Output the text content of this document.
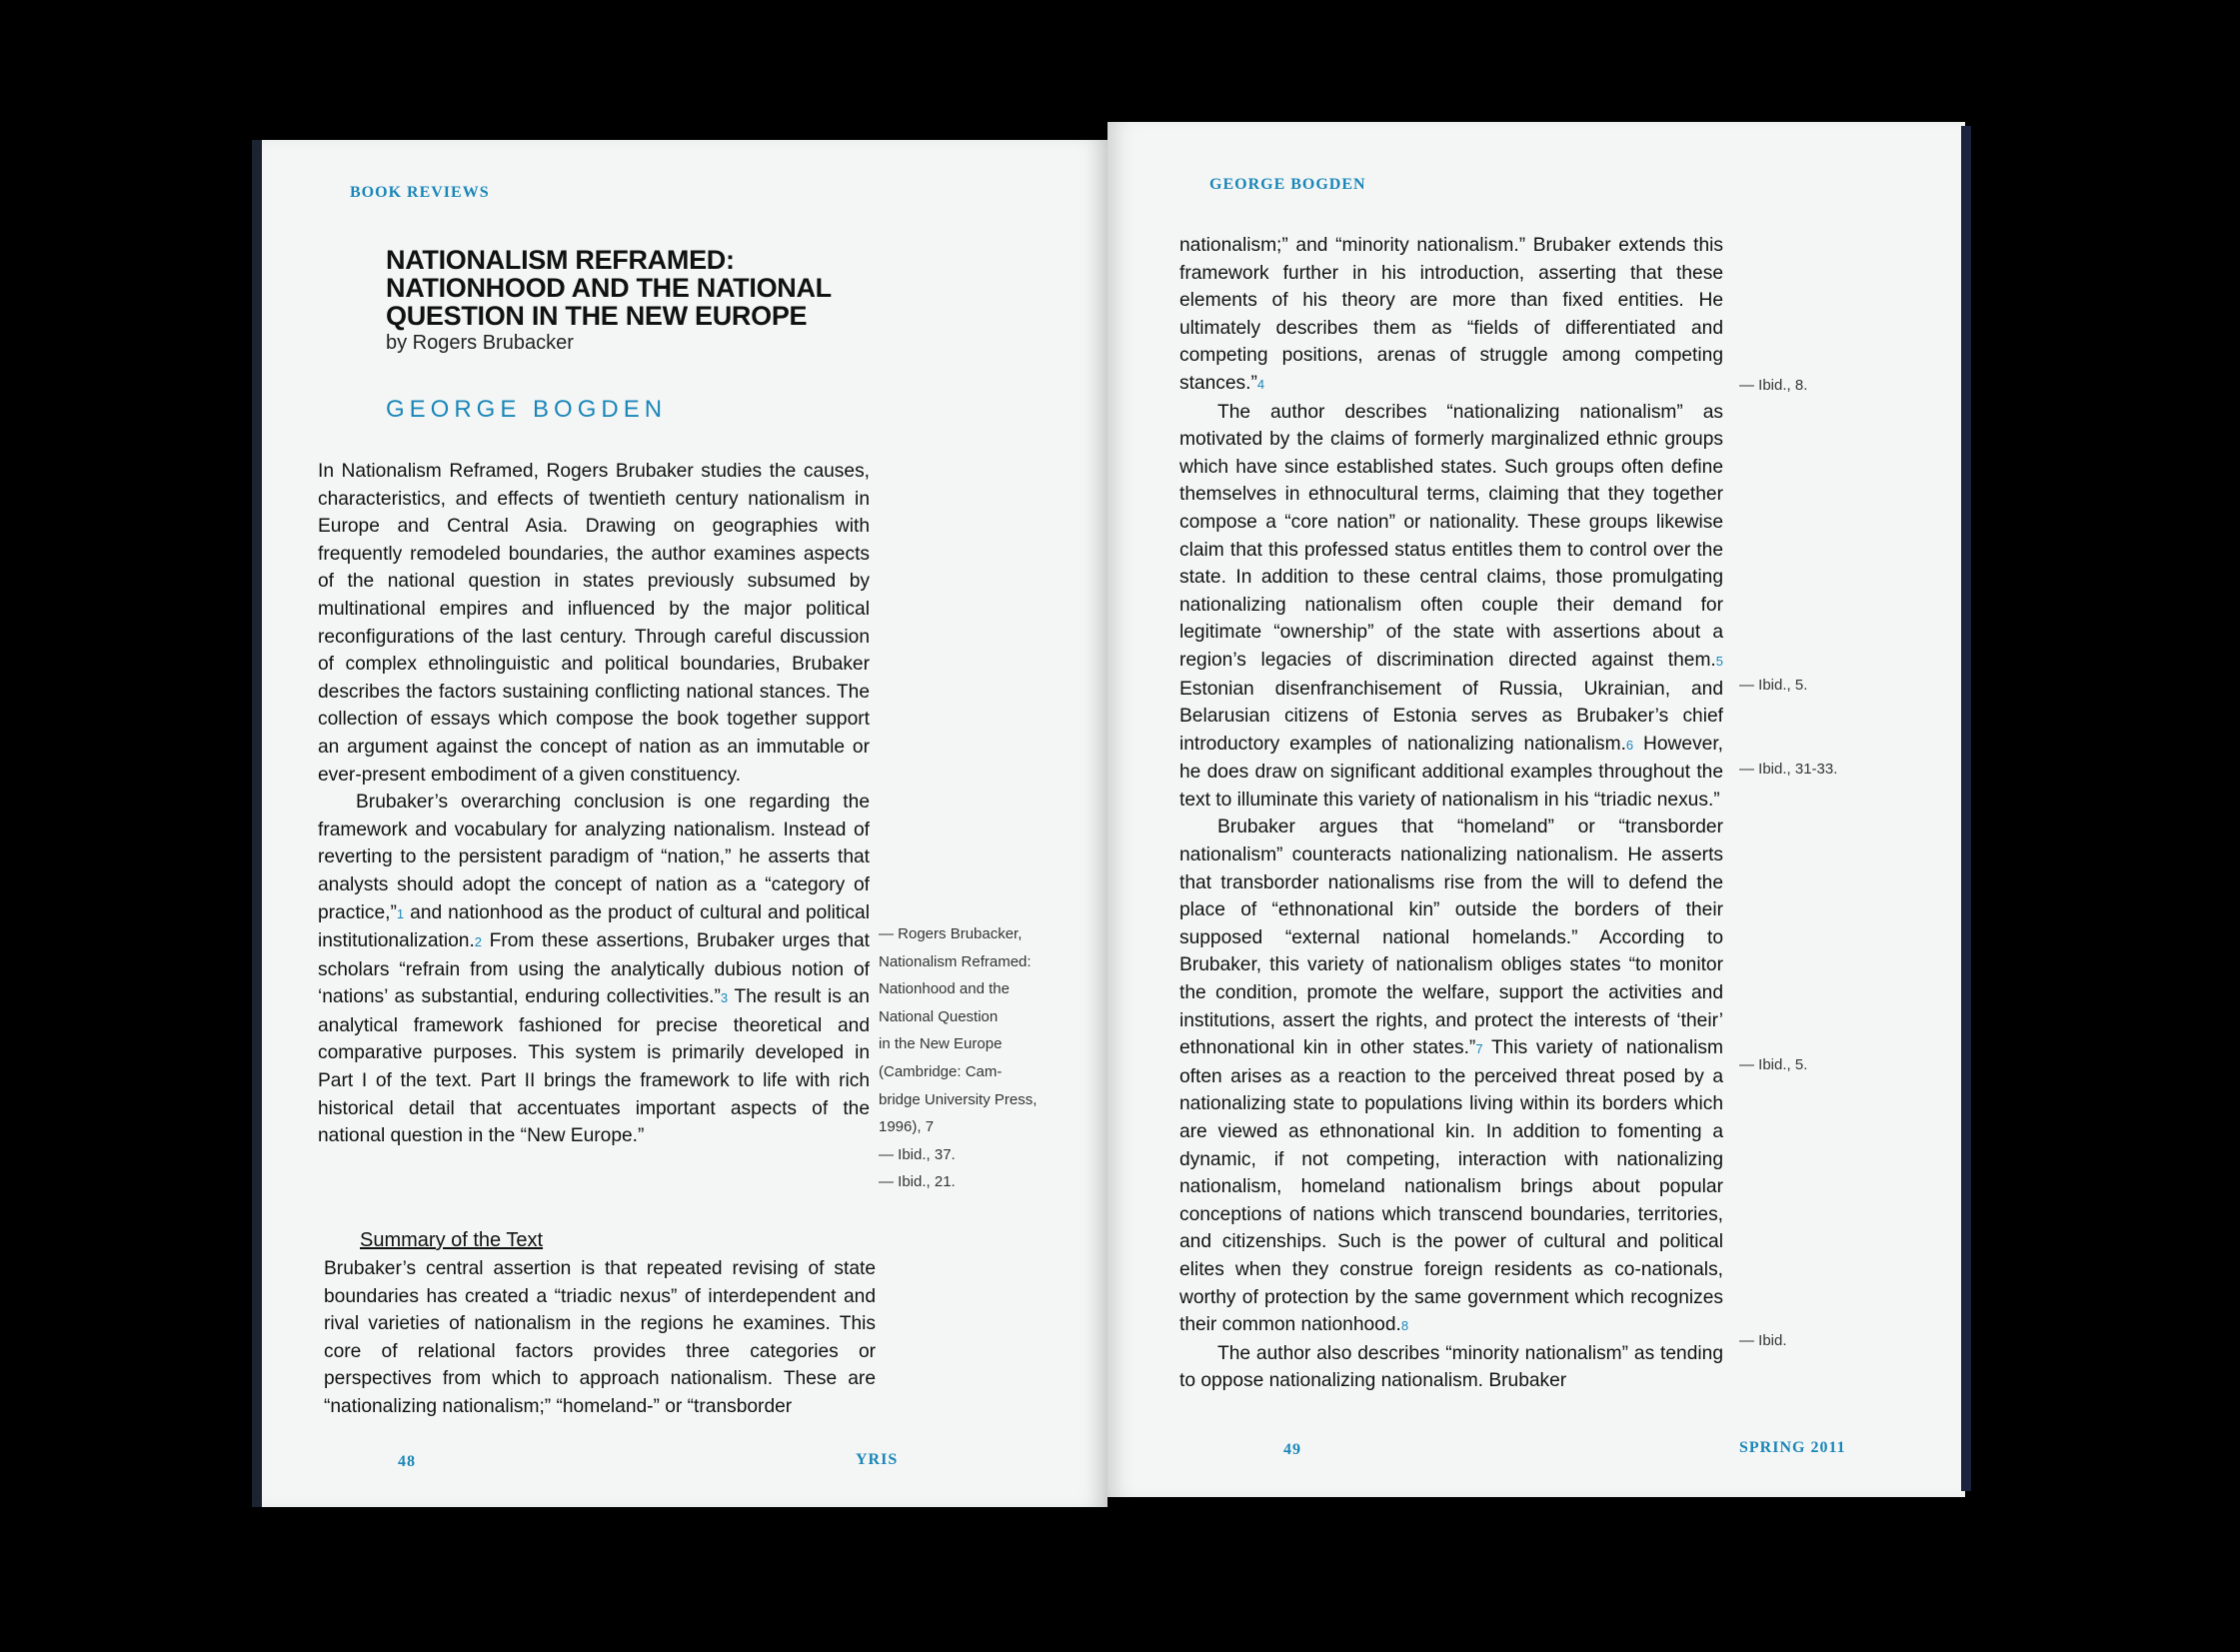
BOOK REVIEWS
NATIONALISM REFRAMED:
NATIONHOOD AND THE NATIONAL
QUESTION IN THE NEW EUROPE
by Rogers Brubacker
GEORGE BOGDEN

In Nationalism Reframed, Rogers Brubaker studies the causes, characteristics, and effects of twentieth century nationalism in Europe and Central Asia. Drawing on geographies with frequently remodeled boundaries, the author examines aspects of the national question in states previously subsumed by multinational empires and influenced by the major political reconfigurations of the last century. Through careful discussion of complex ethnolinguistic and political boundaries, Brubaker describes the factors sustaining conflicting national stances. The collection of essays which compose the book together support an argument against the concept of nation as an immutable or ever-present embodiment of a given constituency.

Brubaker’s overarching conclusion is one regarding the framework and vocabulary for analyzing nationalism. Instead of reverting to the persistent paradigm of “nation,” he asserts that analysts should adopt the concept of nation as a “category of practice,”1 and nationhood as the product of cultural and political institutionalization.2 From these assertions, Brubaker urges that scholars “refrain from using the analytically dubious notion of ‘nations’ as substantial, enduring collectivities.”3 The result is an analytical framework fashioned for precise theoretical and comparative purposes. This system is primarily developed in Part I of the text. Part II brings the framework to life with rich historical detail that accentuates important aspects of the national question in the “New Europe.”

— Rogers Brubacker,
Nationalism Reframed:
Nationhood and the
National Question
in the New Europe
(Cambridge: Cam-
bridge University Press,
1996), 7
— Ibid., 37.
— Ibid., 21.
Summary of the Text

Brubaker’s central assertion is that repeated revising of state boundaries has created a “triadic nexus” of interdependent and rival varieties of nationalism in the regions he examines. This core of relational factors provides three categories or perspectives from which to approach nationalism. These are “nationalizing nationalism;” “homeland-” or “transborder

48	YRIS
GEORGE BOGDEN

nationalism;” and “minority nationalism.” Brubaker extends this framework further in his introduction, asserting that these elements of his theory are more than fixed entities. He ultimately describes them as “fields of differentiated and competing positions, arenas of struggle among competing stances.”4

The author describes “nationalizing nationalism” as motivated by the claims of formerly marginalized ethnic groups which have since established states. Such groups often define themselves in ethnocultural terms, claiming that they together compose a “core nation” or nationality. These groups likewise claim that this professed status entitles them to control over the state. In addition to these central claims, those promulgating nationalizing nationalism often couple their demand for legitimate “ownership” of the state with assertions about a region’s legacies of discrimination directed against them.5 Estonian disenfranchisement of Russia, Ukrainian, and Belarusian citizens of Estonia serves as Brubaker’s chief introductory examples of nationalizing nationalism.6 However, he does draw on significant additional examples throughout the text to illuminate this variety of nationalism in his “triadic nexus.”

Brubaker argues that “homeland” or “transborder nationalism” counteracts nationalizing nationalism. He asserts that transborder nationalisms rise from the will to defend the place of “ethnonational kin” outside the borders of their supposed “external national homelands.” According to Brubaker, this variety of nationalism obliges states “to monitor the condition, promote the welfare, support the activities and institutions, assert the rights, and protect the interests of ‘their’ ethnonational kin in other states.”7 This variety of nationalism often arises as a reaction to the perceived threat posed by a nationalizing state to populations living within its borders which are viewed as ethnonational kin. In addition to fomenting a dynamic, if not competing, interaction with nationalizing nationalism, homeland nationalism brings about popular conceptions of nations which transcend boundaries, territories, and citizenships. Such is the power of cultural and political elites when they construe foreign residents as co-nationals, worthy of protection by the same government which recognizes their common nationhood.8

The author also describes “minority nationalism” as tending to oppose nationalizing nationalism. Brubaker

— Ibid., 8.
— Ibid., 5.
— Ibid., 31-33.
— Ibid., 5.
— Ibid.
49	SPRING 2011
